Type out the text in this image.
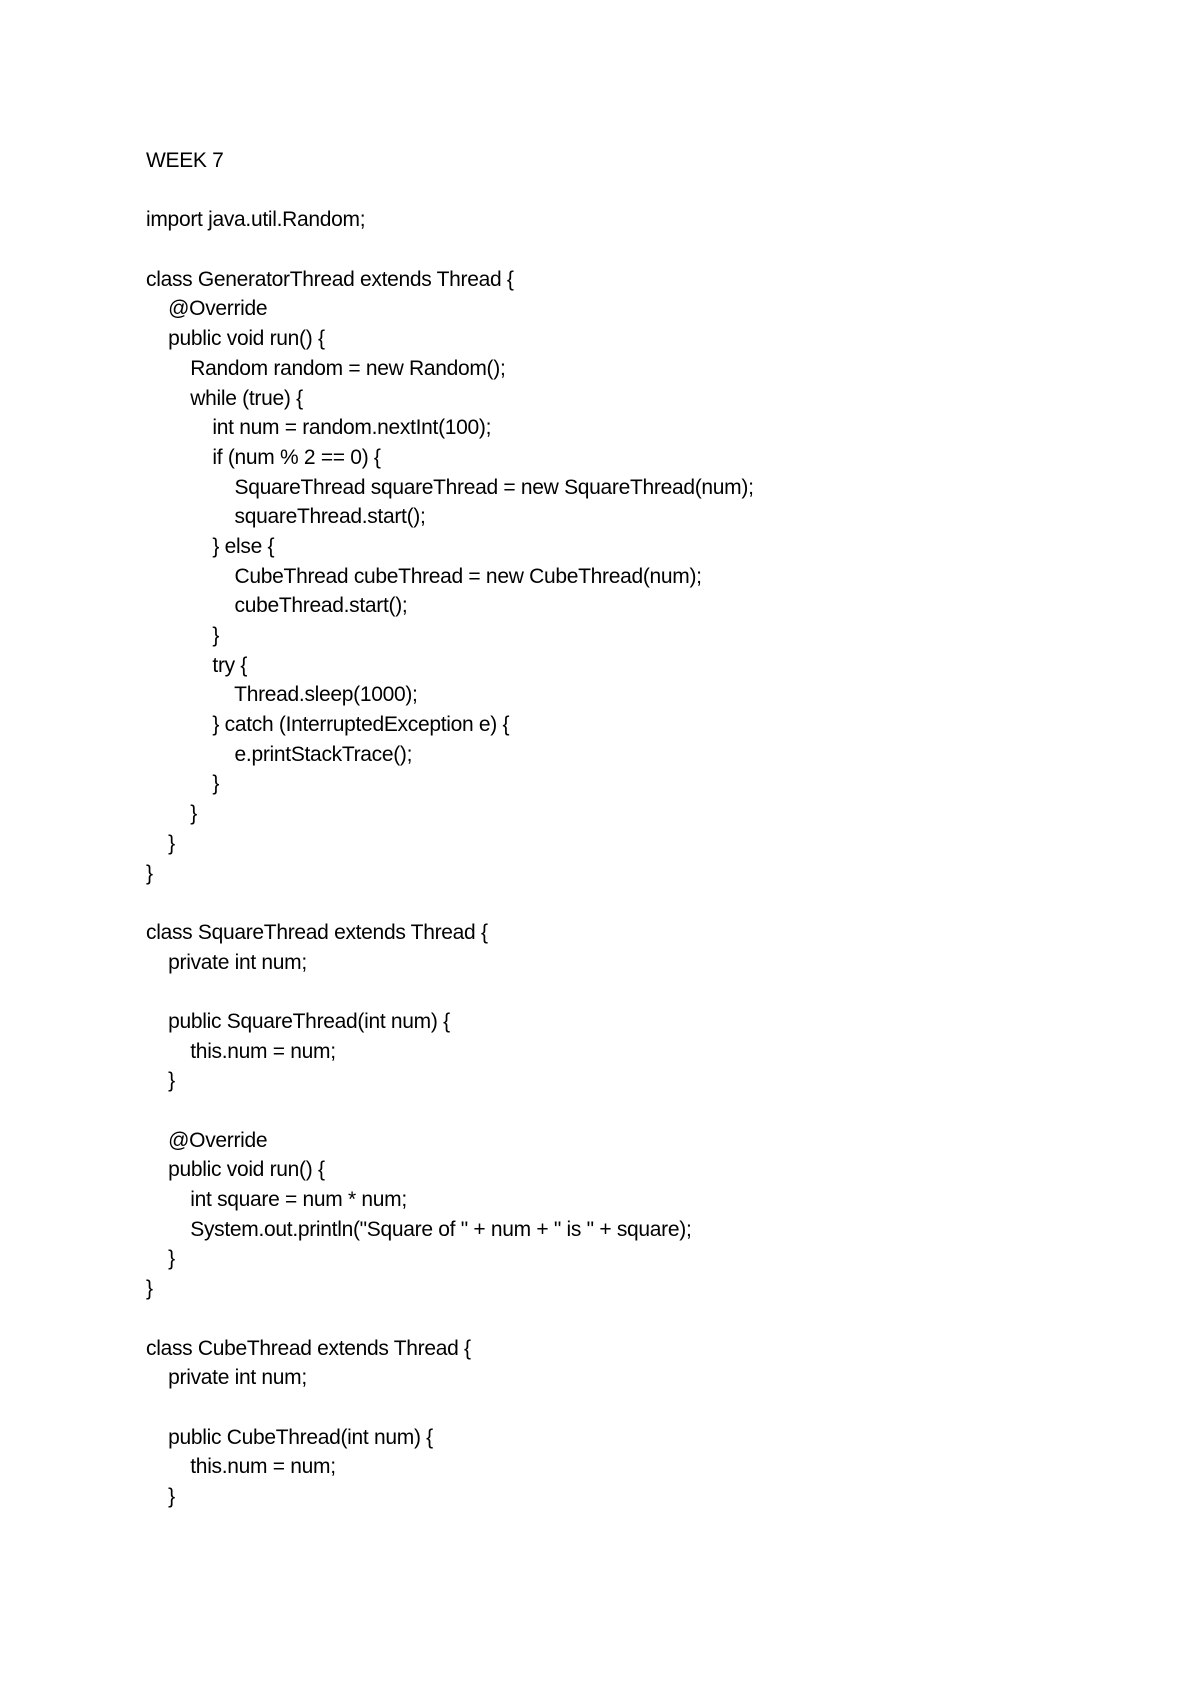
WEEK 7
import java.util.Random;
class GeneratorThread extends Thread {
@Override
public void run() {
Random random = new Random();
while (true) {
int num = random.nextInt(100);
if (num % 2 == 0) {
SquareThread squareThread = new SquareThread(num);
squareThread.start();
} else {
CubeThread cubeThread = new CubeThread(num);
cubeThread.start();
}
try {
Thread.sleep(1000);
} catch (InterruptedException e) {
e.printStackTrace();
}
}
}
}
class SquareThread extends Thread {
private int num;
public SquareThread(int num) {
this.num = num;
}
@Override
public void run() {
int square = num * num;
System.out.println("Square of " + num + " is " + square);
}
}
class CubeThread extends Thread {
private int num;
public CubeThread(int num) {
this.num = num;
}
